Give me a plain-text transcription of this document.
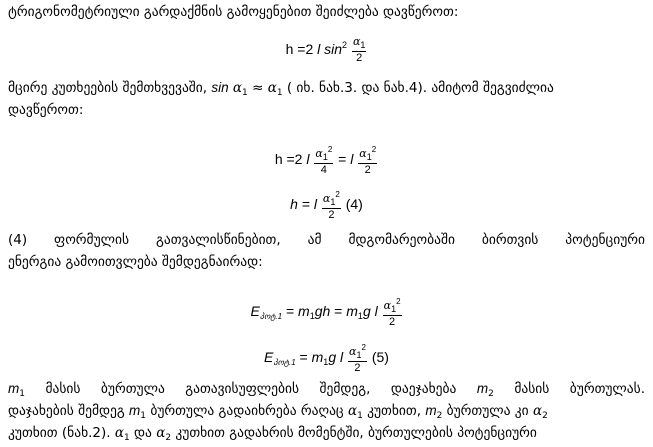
ტრიგონომეტრიული გარდაქმნის გამოყენებით შეიძლება დავწეროთ:
h =2 l $\sin^2 \frac{\alpha_1}{2}$
მცირე კუთხეების შემთხვევაში, $\sin \alpha_1 \approx \alpha_1$ ( იხ. ნახ.3. და ნახ.4). ამიტომ შეგვიძლია
დავწეროთ:
h =2 l $\frac{\alpha_1^2}{4} = l \frac{\alpha_1^2}{2}$
h = l $\frac{\alpha_1^2}{2} (4)$
(4) ფორმულის გათვალისწინებით, ამ მდგომარეობაში ბირთვის პოტენციური
ენერგია გამოითვლება შემდეგნაირად:
$E_{პოტ.1} = m_1gh = m_1g$ l $\frac{\alpha_1^2}{2}$
$E_{პოტ.1} = m_1g$ l $\frac{\alpha_1^2}{2} (5)$
$m_1$ მასის ბურთულა გათავისუფლების შემდეგ, დაეჯახება $m_2$ მასის ბურთულას.
დაჯახების შემდეგ $m_1$ ბურთულა გადაიხრება რაღაც $\alpha_1$ კუთხით, $m_2$ ბურთულა კი $\alpha_2$
კუთხით (ნახ.2). $\alpha_1$ და $\alpha_2$ კუთხით გადახრის მომენტში, ბურთულების პოტენციური
